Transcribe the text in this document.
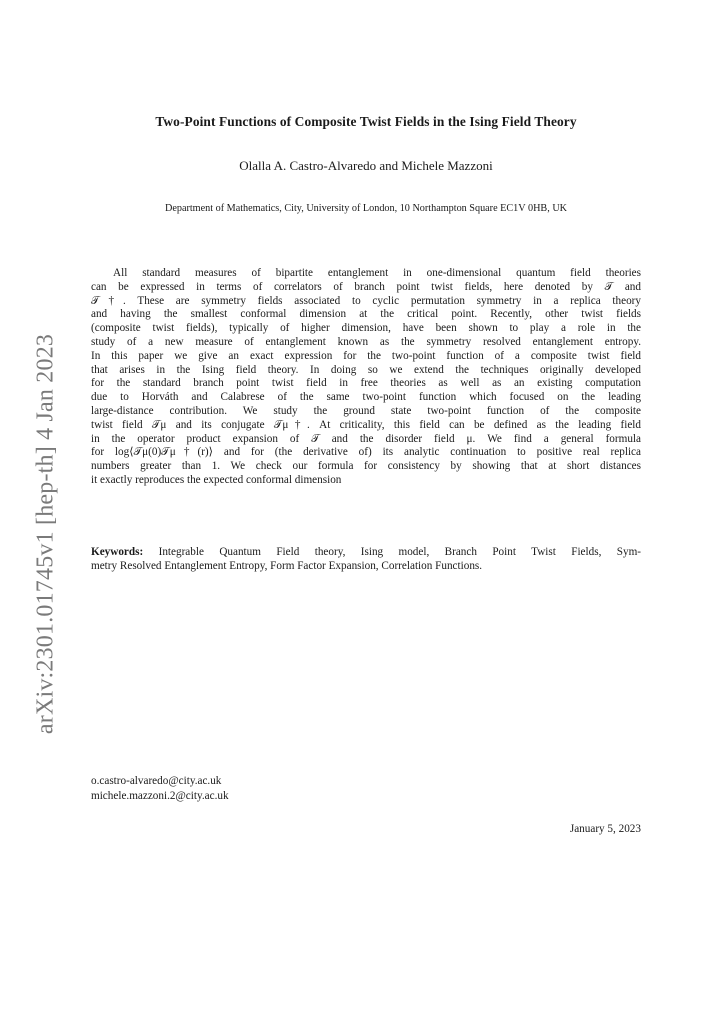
arXiv:2301.01745v1 [hep-th] 4 Jan 2023
Two-Point Functions of Composite Twist Fields in the Ising Field Theory
Olalla A. Castro-Alvaredo and Michele Mazzoni
Department of Mathematics, City, University of London, 10 Northampton Square EC1V 0HB, UK
All standard measures of bipartite entanglement in one-dimensional quantum field theories
can be expressed in terms of correlators of branch point twist fields, here denoted by 𝒯 and
𝒯†. These are symmetry fields associated to cyclic permutation symmetry in a replica theory
and having the smallest conformal dimension at the critical point. Recently, other twist fields
(composite twist fields), typically of higher dimension, have been shown to play a role in the
study of a new measure of entanglement known as the symmetry resolved entanglement entropy.
In this paper we give an exact expression for the two-point function of a composite twist field
that arises in the Ising field theory. In doing so we extend the techniques originally developed
for the standard branch point twist field in free theories as well as an existing computation
due to Horváth and Calabrese of the same two-point function which focused on the leading
large-distance contribution. We study the ground state two-point function of the composite
twist field 𝒯μ and its conjugate 𝒯μ†. At criticality, this field can be defined as the leading field
in the operator product expansion of 𝒯 and the disorder field μ. We find a general formula
for log⟨𝒯μ(0)𝒯μ†(r)⟩ and for (the derivative of) its analytic continuation to positive real replica
numbers greater than 1. We check our formula for consistency by showing that at short distances
it exactly reproduces the expected conformal dimension
Keywords: Integrable Quantum Field theory, Ising model, Branch Point Twist Fields, Sym-
metry Resolved Entanglement Entropy, Form Factor Expansion, Correlation Functions.
o.castro-alvaredo@city.ac.uk
michele.mazzoni.2@city.ac.uk
January 5, 2023
